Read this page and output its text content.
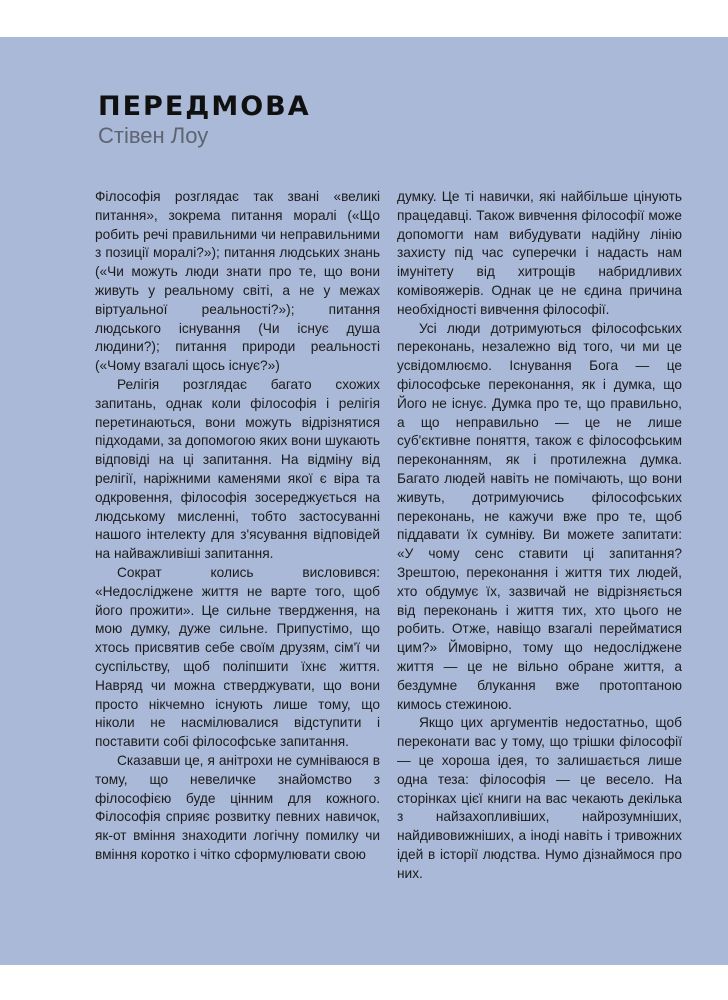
ПЕРЕДМОВА
Стівен Лоу

Філософія розглядає так звані «великі питання», зокрема питання моралі («Що робить речі правильними чи неправильними з позиції моралі?»); питання людських знань («Чи можуть люди знати про те, що вони живуть у реальному світі, а не у межах віртуальної реальності?»); питання людського існування (Чи існує душа людини?); питання природи реальності («Чому взагалі щось існує?»)

Релігія розглядає багато схожих запитань, однак коли філософія і релігія перетинаються, вони можуть відрізнятися підходами, за допомогою яких вони шукають відповіді на ці запитання. На відміну від релігії, наріжними каменями якої є віра та одкровення, філософія зосереджується на людському мисленні, тобто застосуванні нашого інтелекту для з'ясування відповідей на найважливіші запитання.

Сократ колись висловився: «Недосліджене життя не варте того, щоб його прожити». Це сильне твердження, на мою думку, дуже сильне. Припустімо, що хтось присвятив себе своїм друзям, сім'ї чи суспільству, щоб поліпшити їхнє життя. Навряд чи можна стверджувати, що вони просто нікчемно існують лише тому, що ніколи не насмілювалися відступити і поставити собі філософське запитання.

Сказавши це, я анітрохи не сумніваюся в тому, що невеличке знайомство з філософією буде цінним для кожного. Філософія сприяє розвитку певних навичок, як-от вміння знаходити логічну помилку чи вміння коротко і чітко сформулювати свою

думку. Це ті навички, які найбільше цінують працедавці. Також вивчення філософії може допомогти нам вибудувати надійну лінію захисту під час суперечки і надасть нам імунітету від хитрощів набридливих комівояжерів. Однак це не єдина причина необхідності вивчення філософії.

Усі люди дотримуються філософських переконань, незалежно від того, чи ми це усвідомлюємо. Існування Бога — це філософське переконання, як і думка, що Його не існує. Думка про те, що правильно, а що неправильно — це не лише суб'єктивне поняття, також є філософським переконанням, як і протилежна думка. Багато людей навіть не помічають, що вони живуть, дотримуючись філософських переконань, не кажучи вже про те, щоб піддавати їх сумніву. Ви можете запитати: «У чому сенс ставити ці запитання? Зрештою, переконання і життя тих людей, хто обдумує їх, зазвичай не відрізняється від переконань і життя тих, хто цього не робить. Отже, навіщо взагалі перейматися цим?» Ймовірно, тому що недосліджене життя — це не вільно обране життя, а бездумне блукання вже протоптаною кимось стежиною.

Якщо цих аргументів недостатньо, щоб переконати вас у тому, що трішки філософії — це хороша ідея, то залишається лише одна теза: філософія — це весело. На сторінках цієї книги на вас чекають декілька з найзахопливіших, найрозумніших, найдивовижніших, а іноді навіть і тривожних ідей в історії людства. Нумо дізнаймося про них.
